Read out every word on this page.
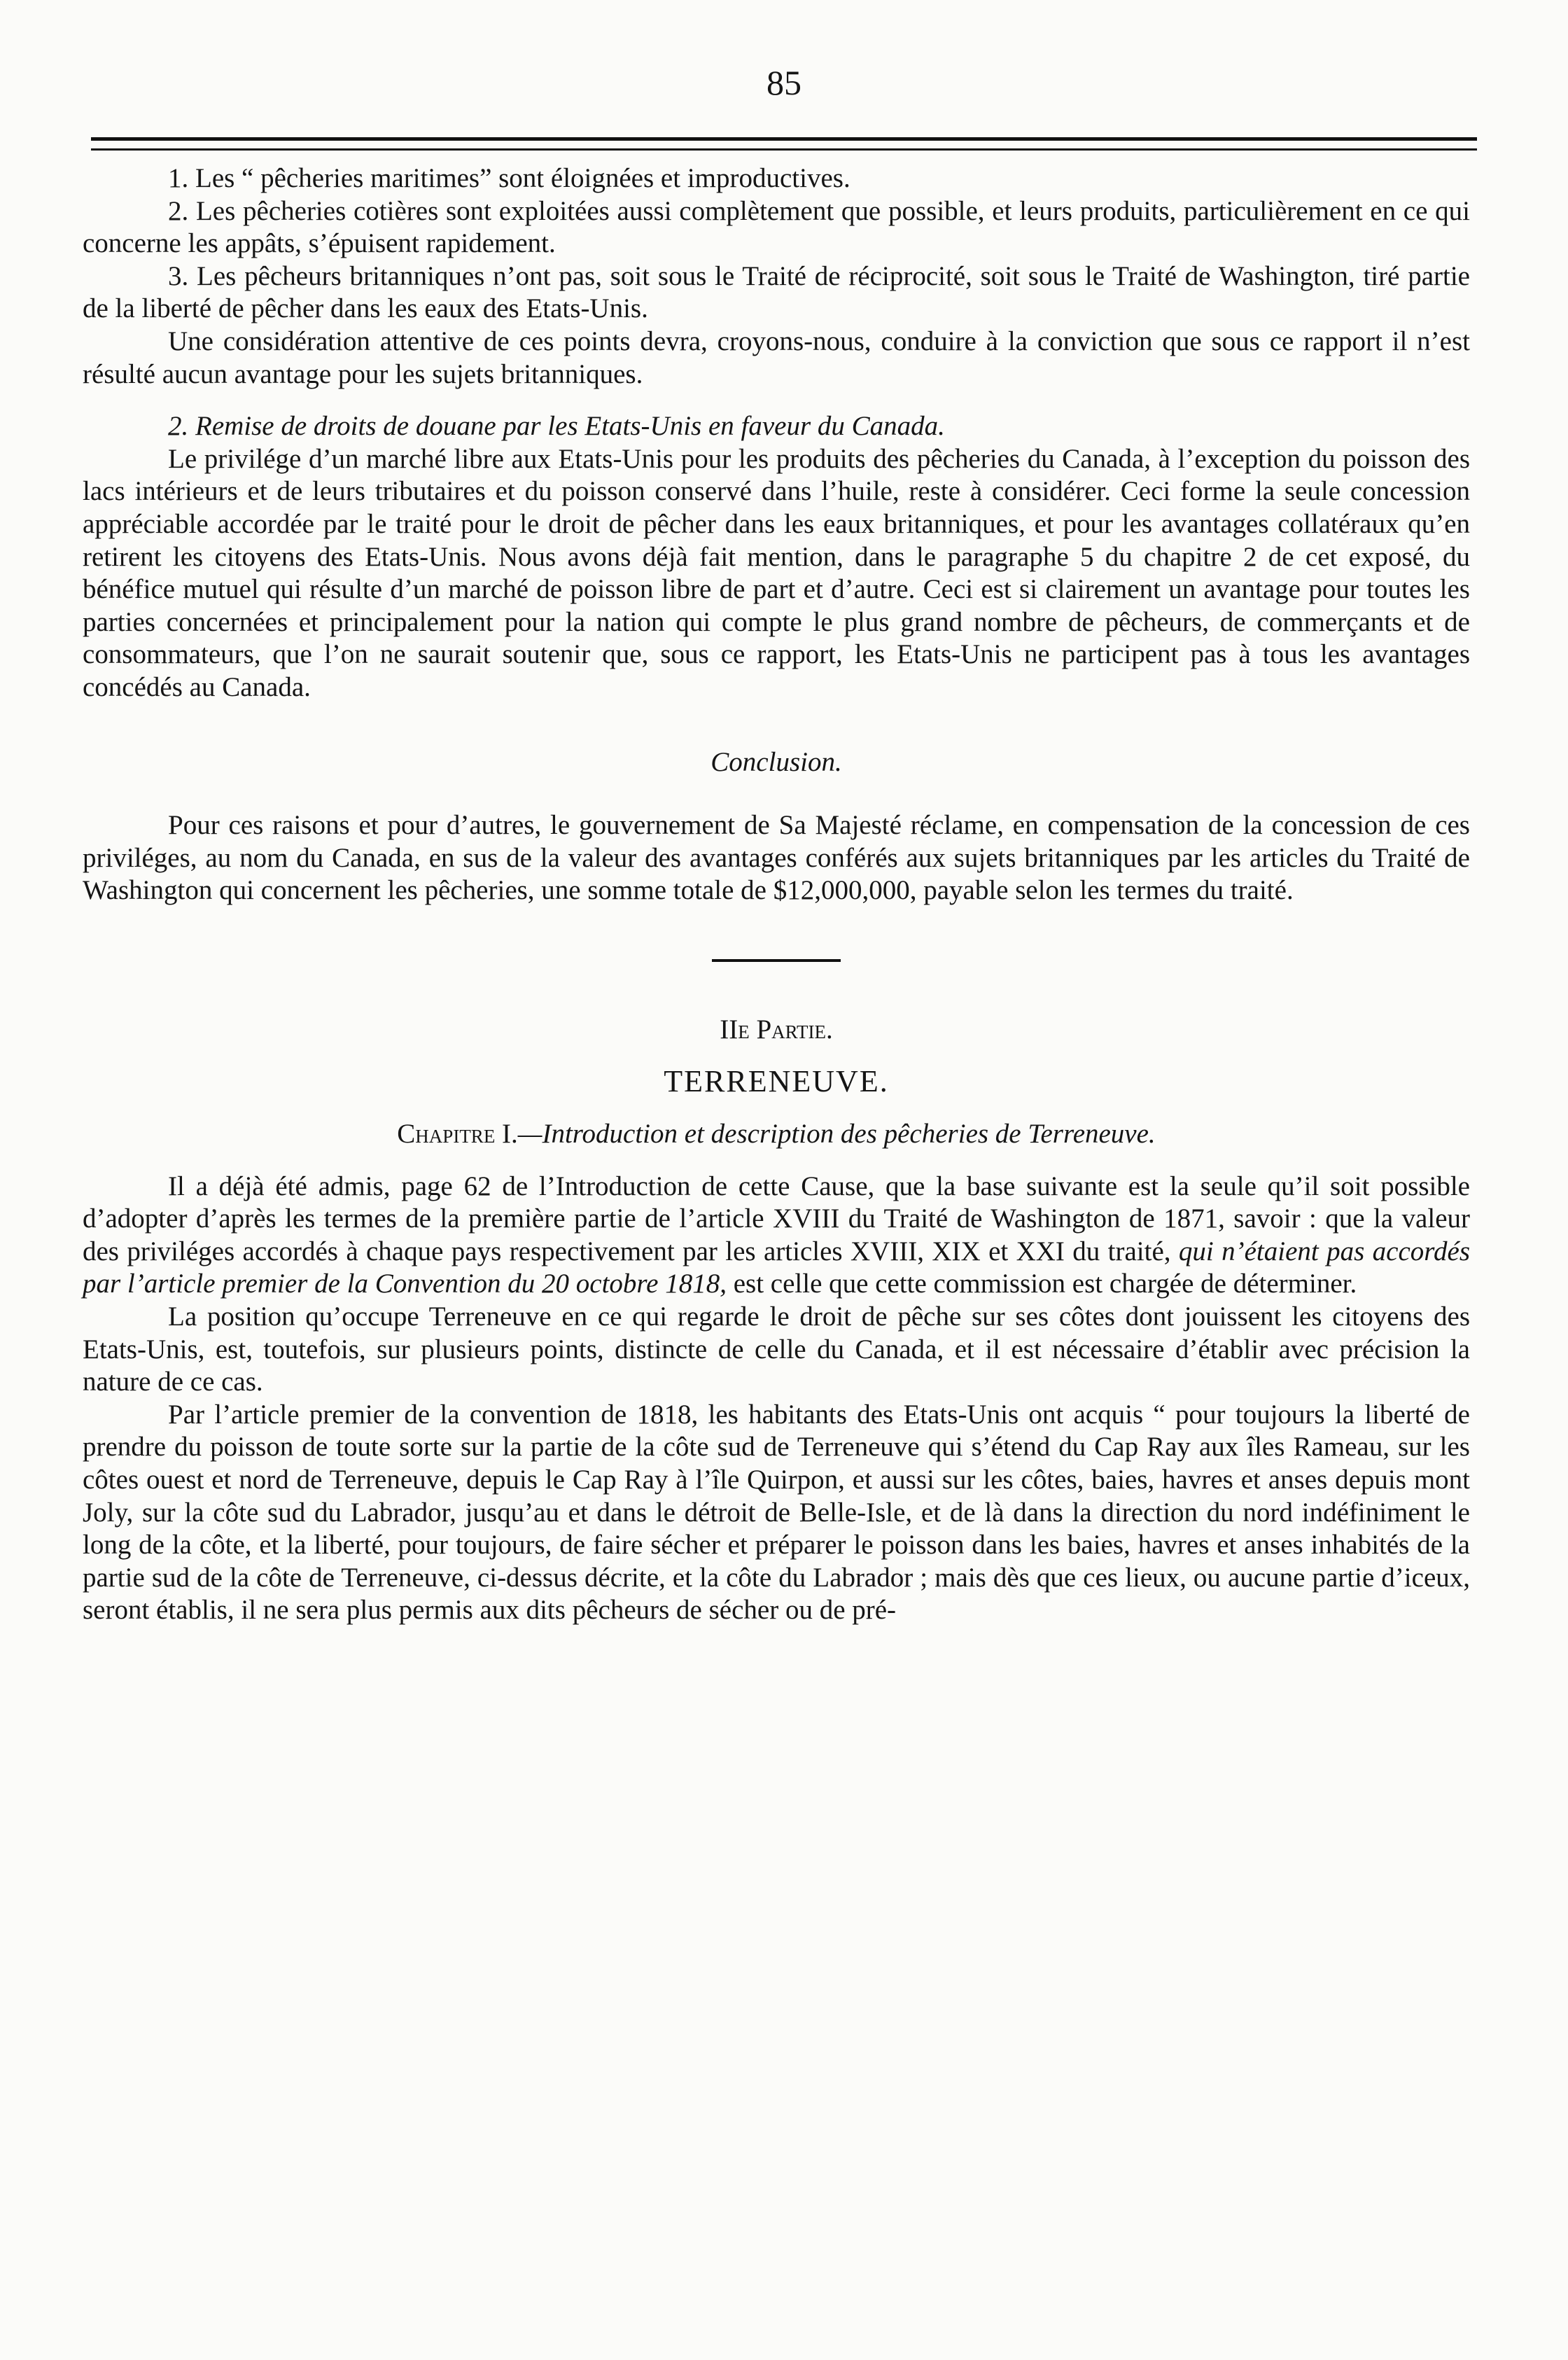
85

1. Les “ pêcheries maritimes” sont éloignées et improductives.

2. Les pêcheries cotières sont exploitées aussi complètement que possible, et leurs produits, particulièrement en ce qui concerne les appâts, s’épuisent rapidement.

3. Les pêcheurs britanniques n’ont pas, soit sous le Traité de réciprocité, soit sous le Traité de Washington, tiré partie de la liberté de pêcher dans les eaux des Etats-Unis.

Une considération attentive de ces points devra, croyons-nous, conduire à la conviction que sous ce rapport il n’est résulté aucun avantage pour les sujets britanniques.

2. Remise de droits de douane par les Etats-Unis en faveur du Canada.

Le privilége d’un marché libre aux Etats-Unis pour les produits des pêcheries du Canada, à l’exception du poisson des lacs intérieurs et de leurs tributaires et du poisson conservé dans l’huile, reste à considérer. Ceci forme la seule concession appréciable accordée par le traité pour le droit de pêcher dans les eaux britanniques, et pour les avantages collatéraux qu’en retirent les citoyens des Etats-Unis. Nous avons déjà fait mention, dans le paragraphe 5 du chapitre 2 de cet exposé, du bénéfice mutuel qui résulte d’un marché de poisson libre de part et d’autre. Ceci est si clairement un avantage pour toutes les parties concernées et principalement pour la nation qui compte le plus grand nombre de pêcheurs, de commerçants et de consommateurs, que l’on ne saurait soutenir que, sous ce rapport, les Etats-Unis ne participent pas à tous les avantages concédés au Canada.

Conclusion.

Pour ces raisons et pour d’autres, le gouvernement de Sa Majesté réclame, en compensation de la concession de ces priviléges, au nom du Canada, en sus de la valeur des avantages conférés aux sujets britanniques par les articles du Traité de Washington qui concernent les pêcheries, une somme totale de $12,000,000, payable selon les termes du traité.

IIe Partie.

TERRENEUVE.

Chapitre I.—Introduction et description des pêcheries de Terreneuve.

Il a déjà été admis, page 62 de l’Introduction de cette Cause, que la base suivante est la seule qu’il soit possible d’adopter d’après les termes de la première partie de l’article XVIII du Traité de Washington de 1871, savoir : que la valeur des priviléges accordés à chaque pays respectivement par les articles XVIII, XIX et XXI du traité, qui n’étaient pas accordés par l’article premier de la Convention du 20 octobre 1818, est celle que cette commission est chargée de déterminer.

La position qu’occupe Terreneuve en ce qui regarde le droit de pêche sur ses côtes dont jouissent les citoyens des Etats-Unis, est, toutefois, sur plusieurs points, distincte de celle du Canada, et il est nécessaire d’établir avec précision la nature de ce cas.

Par l’article premier de la convention de 1818, les habitants des Etats-Unis ont acquis “ pour toujours la liberté de prendre du poisson de toute sorte sur la partie de la côte sud de Terreneuve qui s’étend du Cap Ray aux îles Rameau, sur les côtes ouest et nord de Terreneuve, depuis le Cap Ray à l’île Quirpon, et aussi sur les côtes, baies, havres et anses depuis mont Joly, sur la côte sud du Labrador, jusqu’au et dans le détroit de Belle-Isle, et de là dans la direction du nord indéfiniment le long de la côte, et la liberté, pour toujours, de faire sécher et préparer le poisson dans les baies, havres et anses inhabités de la partie sud de la côte de Terreneuve, ci-dessus décrite, et la côte du Labrador ; mais dès que ces lieux, ou aucune partie d’iceux, seront établis, il ne sera plus permis aux dits pêcheurs de sécher ou de pré-
